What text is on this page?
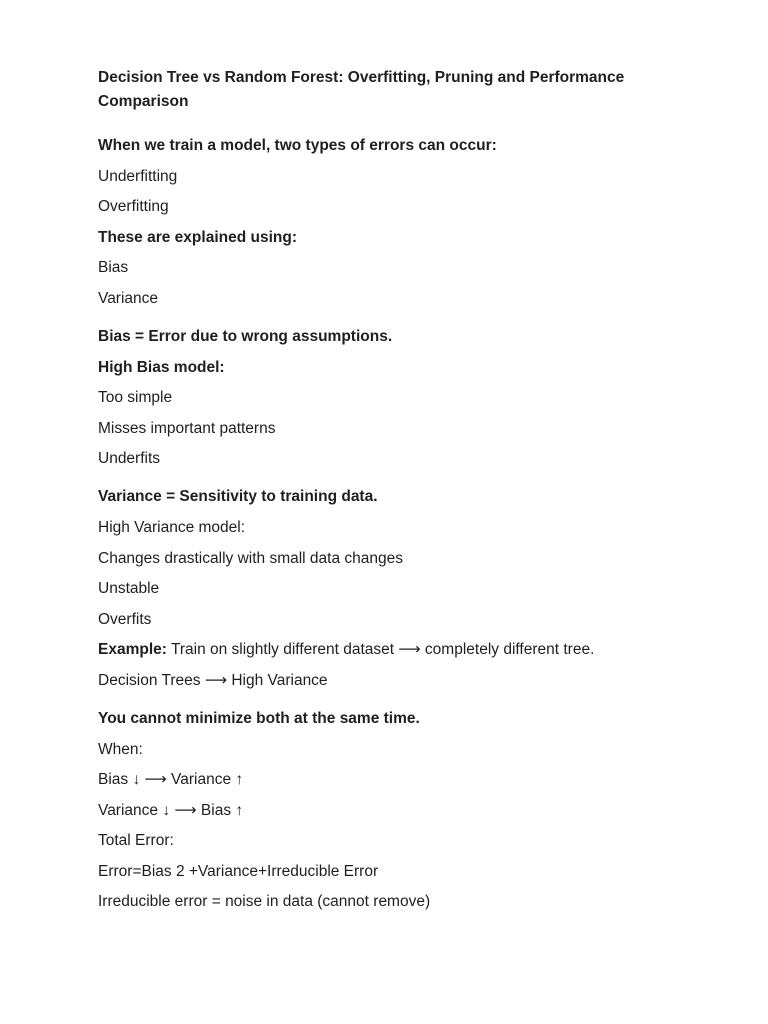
Decision Tree vs Random Forest: Overfitting, Pruning and Performance Comparison
When we train a model, two types of errors can occur:
Underfitting
Overfitting
These are explained using:
Bias
Variance
Bias = Error due to wrong assumptions.
High Bias model:
Too simple
Misses important patterns
Underfits
Variance = Sensitivity to training data.
High Variance model:
Changes drastically with small data changes
Unstable
Overfits
Example: Train on slightly different dataset ⟶ completely different tree.
Decision Trees ⟶ High Variance
You cannot minimize both at the same time.
When:
Bias ↓ ⟶ Variance ↑
Variance ↓ ⟶ Bias ↑
Total Error:
Error=Bias 2 +Variance+Irreducible Error
Irreducible error = noise in data (cannot remove)
